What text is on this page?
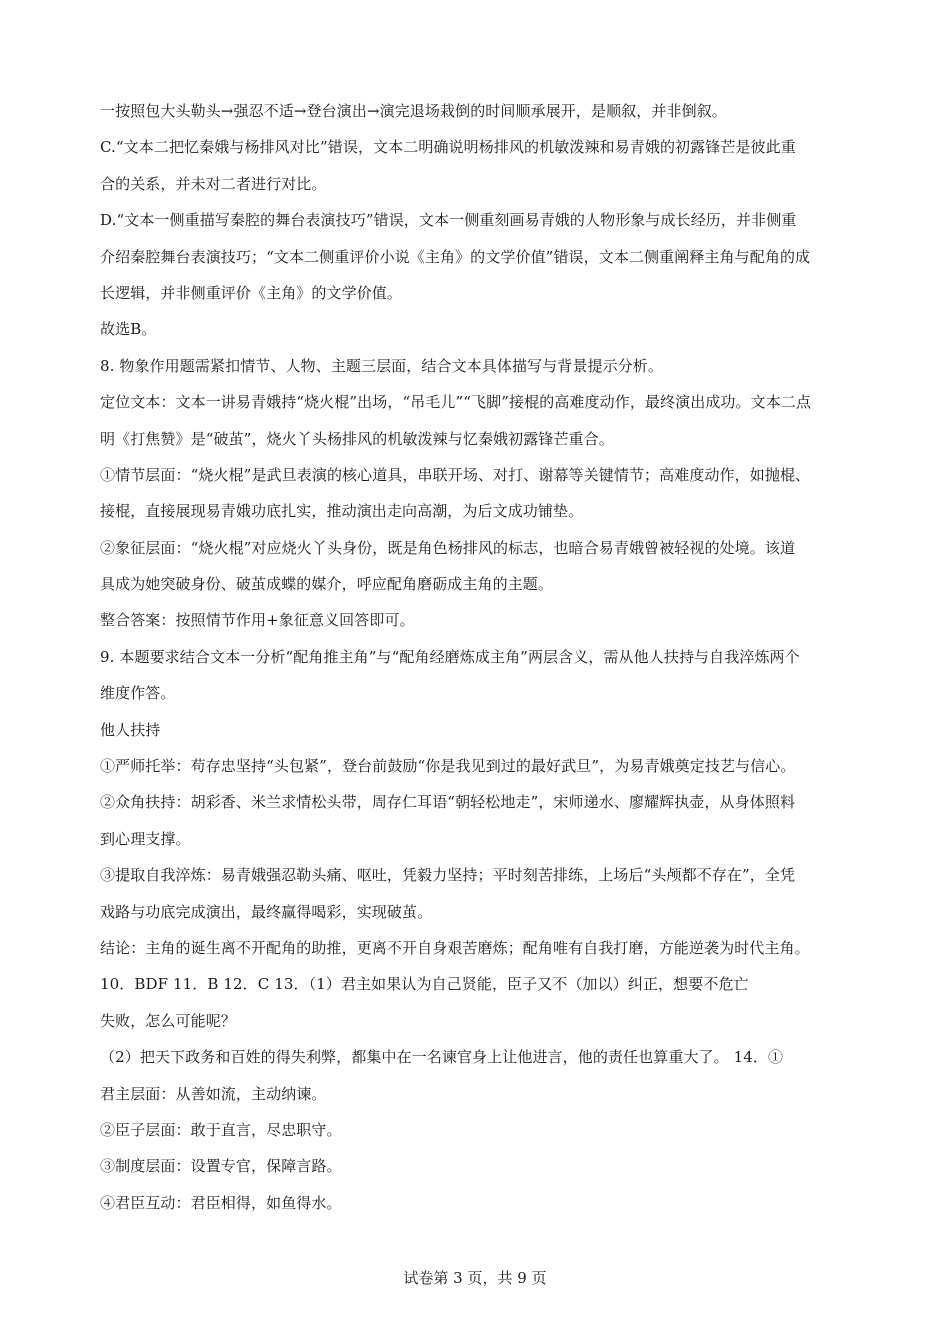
一按照包大头勒头→强忍不适→登台演出→演完退场栽倒的时间顺承展开，是顺叙，并非倒叙。
C.“文本二把忆秦娥与杨排风对比”错误，文本二明确说明杨排风的机敏泼辣和易青娥的初露锋芒是彼此重
合的关系，并未对二者进行对比。
D.“文本一侧重描写秦腔的舞台表演技巧”错误，文本一侧重刻画易青娥的人物形象与成长经历，并非侧重
介绍秦腔舞台表演技巧；“文本二侧重评价小说《主角》的文学价值”错误，文本二侧重阐释主角与配角的成
长逻辑，并非侧重评价《主角》的文学价值。
故选B。
8. 物象作用题需紧扣情节、人物、主题三层面，结合文本具体描写与背景提示分析。
定位文本：文本一讲易青娥持“烧火棍”出场，“吊毛儿”“飞脚”接棍的高难度动作，最终演出成功。文本二点
明《打焦赞》是“破茧”，烧火丫头杨排风的机敏泼辣与忆秦娥初露锋芒重合。
①情节层面：“烧火棍”是武旦表演的核心道具，串联开场、对打、谢幕等关键情节；高难度动作，如抛棍、
接棍，直接展现易青娥功底扎实，推动演出走向高潮，为后文成功铺垫。
②象征层面：“烧火棍”对应烧火丫头身份，既是角色杨排风的标志，也暗合易青娥曾被轻视的处境。该道
具成为她突破身份、破茧成蝶的媒介，呼应配角磨砺成主角的主题。
整合答案：按照情节作用+象征意义回答即可。
9. 本题要求结合文本一分析“配角推主角”与“配角经磨炼成主角”两层含义，需从他人扶持与自我淬炼两个
维度作答。
他人扶持
①严师托举：苟存忠坚持“头包紧”，登台前鼓励“你是我见到过的最好武旦”，为易青娥奠定技艺与信心。
②众角扶持：胡彩香、米兰求情松头带，周存仁耳语“朝轻松地走”，宋师递水、廖耀辉执壶，从身体照料
到心理支撑。
③提取自我淬炼：易青娥强忍勒头痛、呕吐，凭毅力坚持；平时刻苦排练，上场后“头颅都不存在”，全凭
戏路与功底完成演出，最终赢得喝彩，实现破茧。
结论：主角的诞生离不开配角的助推，更离不开自身艰苦磨炼；配角唯有自我打磨，方能逆袭为时代主角。
10．BDF 11．B 12．C 13．（1）君主如果认为自己贤能，臣子又不（加以）纠正，想要不危亡
失败，怎么可能呢？
（2）把天下政务和百姓的得失利弊，都集中在一名谏官身上让他进言，他的责任也算重大了。 14．①
君主层面：从善如流，主动纳谏。
②臣子层面：敢于直言，尽忠职守。
③制度层面：设置专官，保障言路。
④君臣互动：君臣相得，如鱼得水。
试卷第 3 页，共 9 页
